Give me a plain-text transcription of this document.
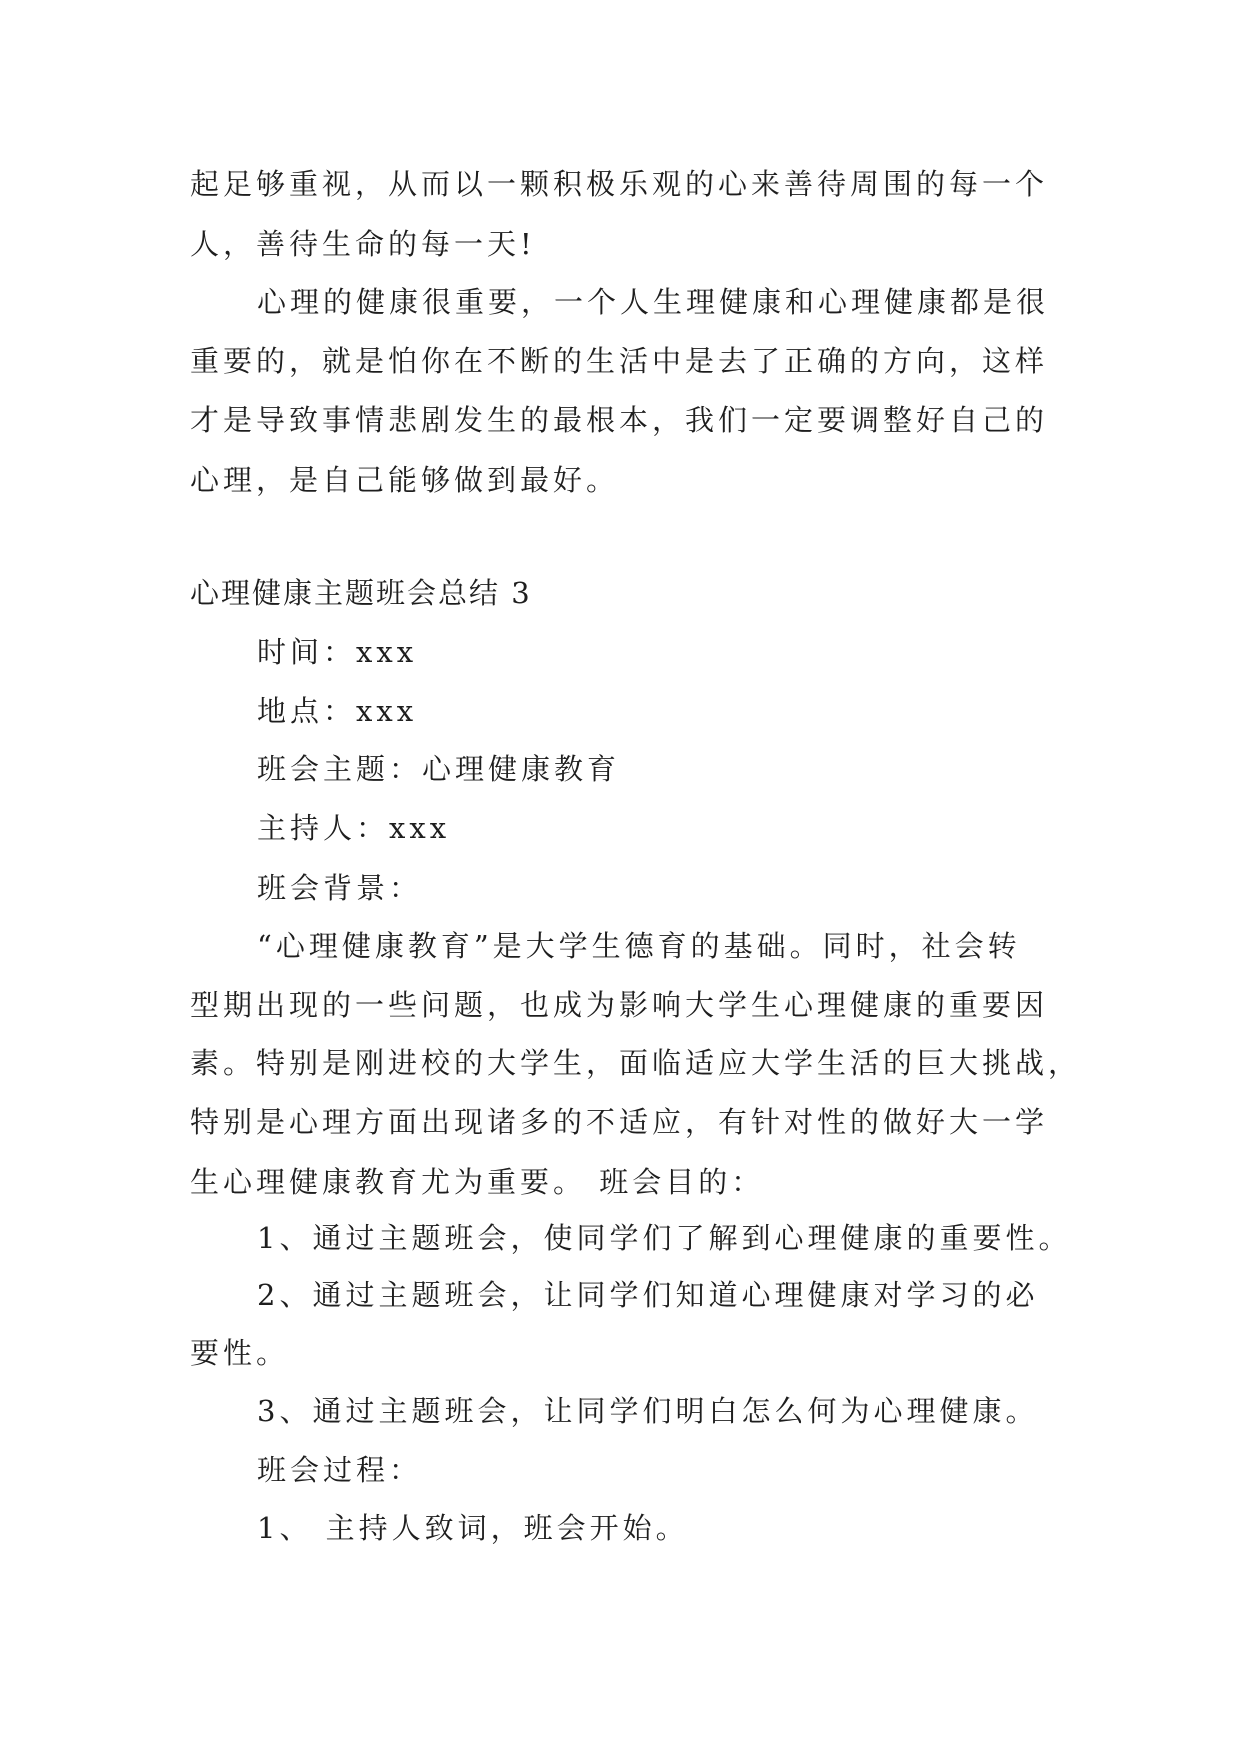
起足够重视，从而以一颗积极乐观的心来善待周围的每一个
人，善待生命的每一天!
心理的健康很重要，一个人生理健康和心理健康都是很
重要的，就是怕你在不断的生活中是去了正确的方向，这样
才是导致事情悲剧发生的最根本，我们一定要调整好自己的
心理，是自己能够做到最好。
心理健康主题班会总结 3
时间：xxx
地点：xxx
班会主题：心理健康教育
主持人：xxx
班会背景：
“心理健康教育”是大学生德育的基础。同时，社会转
型期出现的一些问题，也成为影响大学生心理健康的重要因
素。特别是刚进校的大学生，面临适应大学生活的巨大挑战，
特别是心理方面出现诸多的不适应，有针对性的做好大一学
生心理健康教育尤为重要。 班会目的：
1、通过主题班会，使同学们了解到心理健康的重要性。
2、通过主题班会，让同学们知道心理健康对学习的必
要性。
3、通过主题班会，让同学们明白怎么何为心理健康。
班会过程：
1、 主持人致词，班会开始。
